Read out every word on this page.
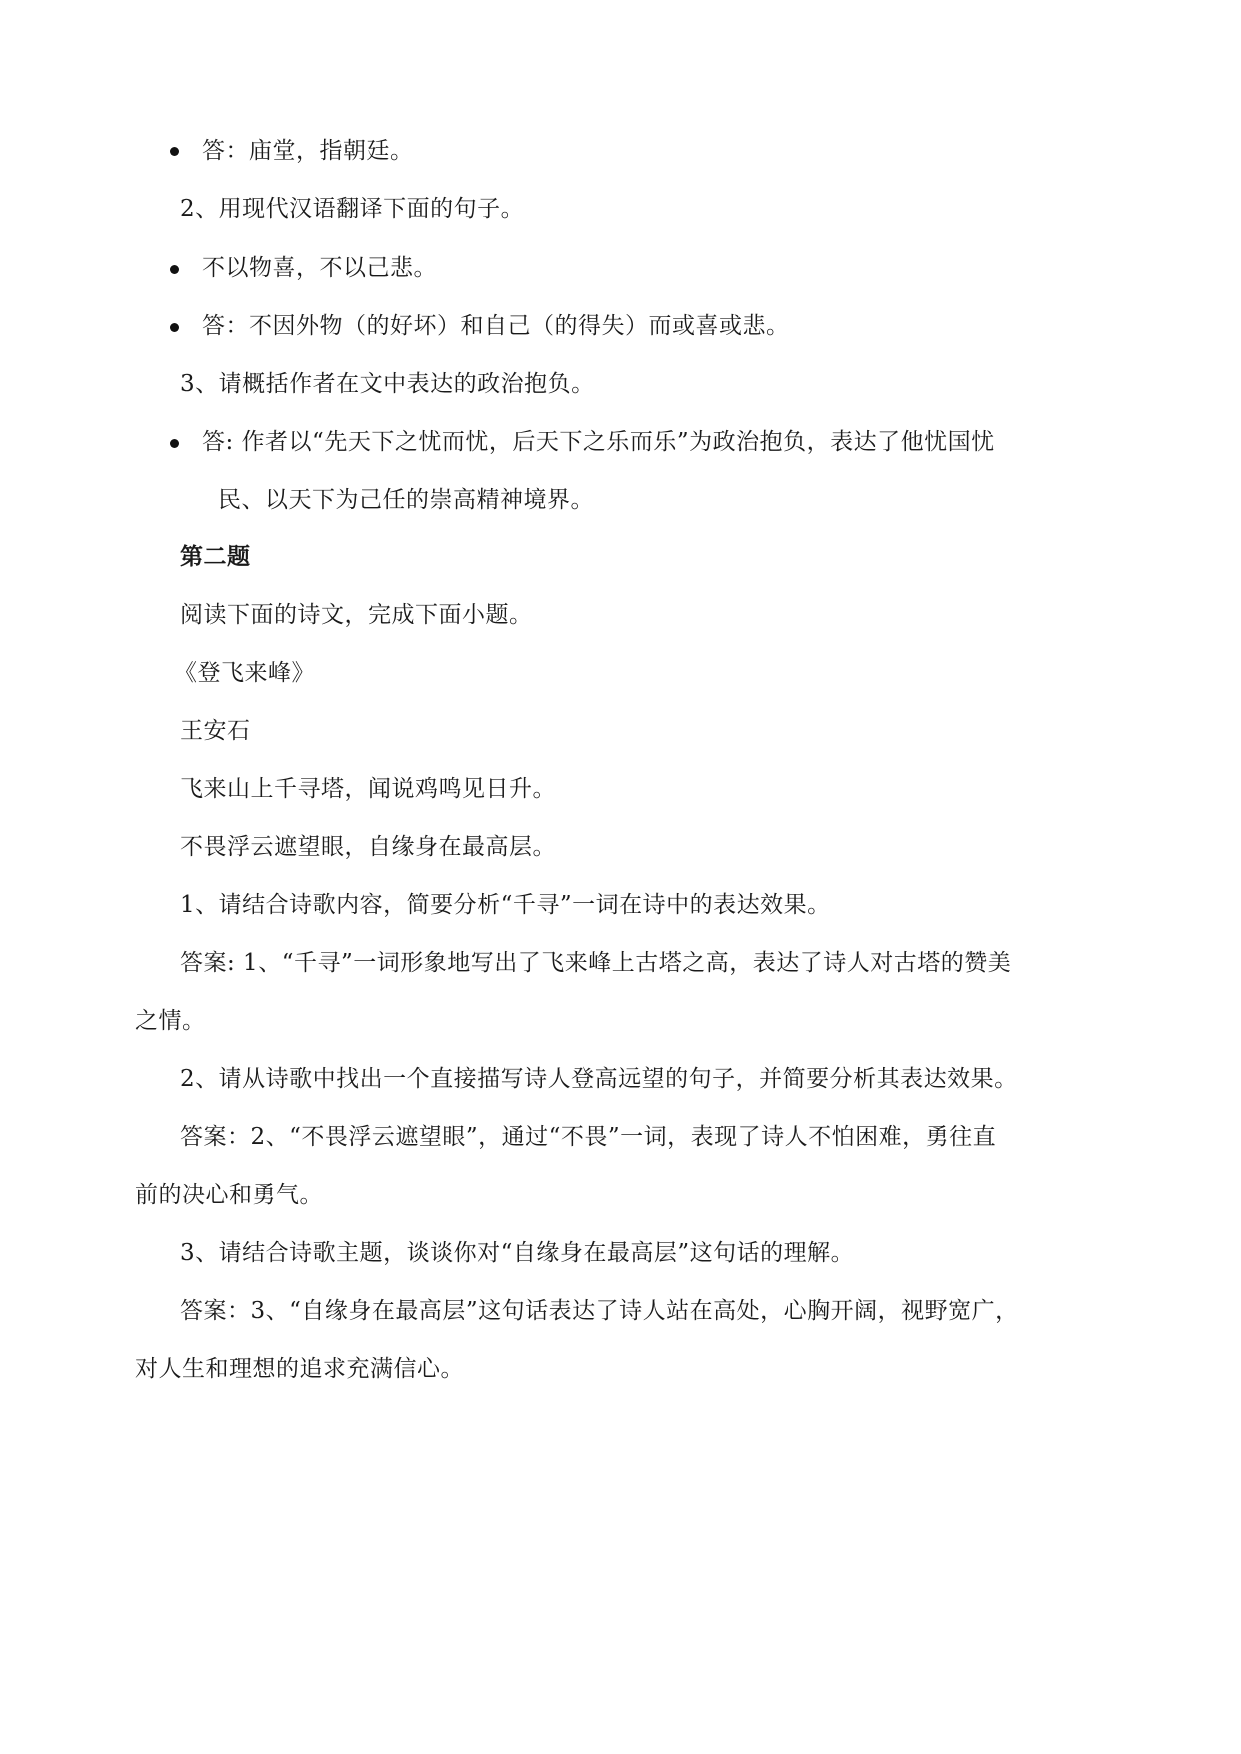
答：庙堂，指朝廷。
2、用现代汉语翻译下面的句子。
不以物喜，不以己悲。
答：不因外物（的好坏）和自己（的得失）而或喜或悲。
3、请概括作者在文中表达的政治抱负。
答: 作者以“先天下之忧而忧，后天下之乐而乐”为政治抱负，表达了他忧国忧
民、以天下为己任的崇高精神境界。
第二题
阅读下面的诗文，完成下面小题。
《登飞来峰》
王安石
飞来山上千寻塔，闻说鸡鸣见日升。
不畏浮云遮望眼，自缘身在最高层。
1、请结合诗歌内容，简要分析“千寻”一词在诗中的表达效果。
答案: 1、“千寻”一词形象地写出了飞来峰上古塔之高，表达了诗人对古塔的赞美
之情。
2、请从诗歌中找出一个直接描写诗人登高远望的句子，并简要分析其表达效果。
答案：2、“不畏浮云遮望眼”，通过“不畏”一词，表现了诗人不怕困难，勇往直
前的决心和勇气。
3、请结合诗歌主题，谈谈你对“自缘身在最高层”这句话的理解。
答案：3、“自缘身在最高层”这句话表达了诗人站在高处，心胸开阔，视野宽广，
对人生和理想的追求充满信心。
